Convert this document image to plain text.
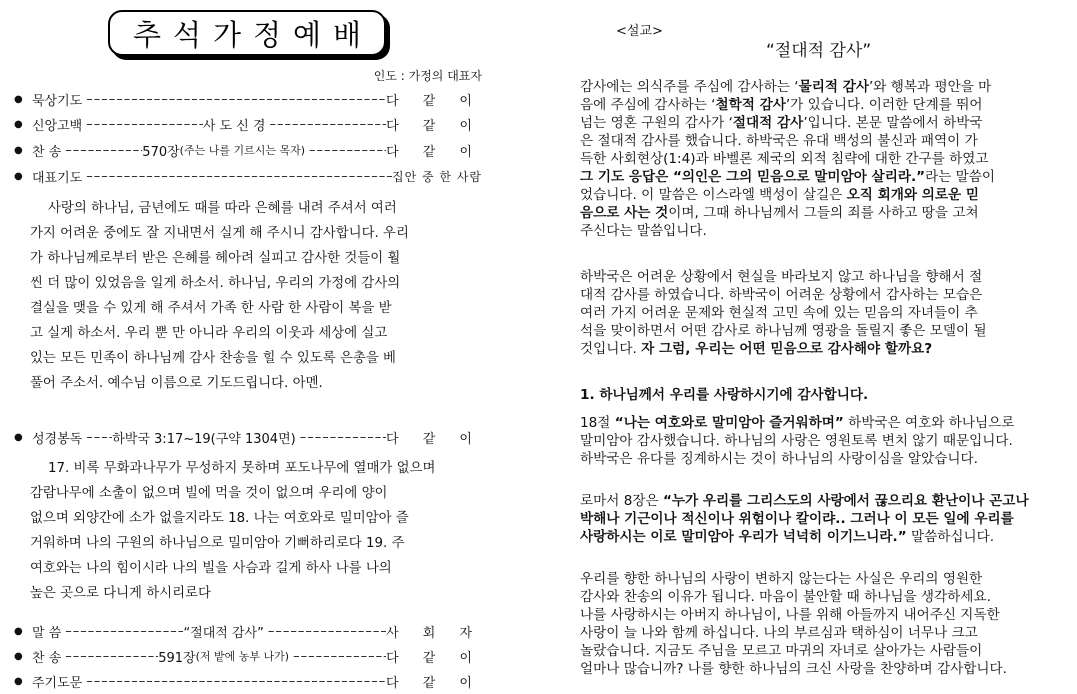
추석가정예배
인도 : 가정의 대표자
● 묵상기도 –––––	다 같 이
● 신앙고백 –––––	사 도 신 경 –––––	다 같 이
● 찬 송 –––––	570장 (주는 나를 기르시는 목자) –––––	다 같 이
● 대표기도 –––––	집안 중 한 사람
사랑의 하나님, 금년에도 때를 따라 은혜를 내려 주셔서 여러
가지 어려운 중에도 잘 지내면서 실게 해 주시니 감사합니다. 우리
가 하나님께로부터 받은 은혜를 헤아려 실피고 감사한 것들이 훨
씬 더 많이 있었음을 일게 하소서. 하나님, 우리의 가정에 감사의
결실을 맺을 수 있게 해 주셔서 가족 한 사람 한 사람이 복을 받
고 실게 하소서. 우리 뿐 만 아니라 우리의 이웃과 세상에 실고
있는 모든 민족이 하나님께 감사 찬송을 힐 수 있도록 은총을 베
풀어 주소서. 예수님 이름으로 기도드립니다. 아멘.
● 성경봉독 ––––– 하박국 3:17~19(구약 1304면) –––––	다 같 이
17. 비록 무화과나무가 무성하지 못하며 포도나무에 열매가 없으며
감람나무에 소출이 없으며 빌에 먹을 것이 없으며 우리에 양이
없으며 외양간에 소가 없을지라도 18. 나는 여호와로 밀미암아 즐
거워하며 나의 구원의 하나님으로 밀미암아 기뻐하리로다 19. 주
여호와는 나의 힘이시라 나의 빌을 사슴과 길게 하사 나를 나의
높은 곳으로 다니게 하시리로다
● 말 씀 –––––	“절대적 감사” –––––	사 회 자
● 찬 송 –––––	591장 (저 밭에 농부 나가) –––––	다 같 이
● 주기도문 –––––	다 같 이
<설교>
“절대적 감사”
감사에는 의식주를 주심에 감사하는 ‘물리적 감사’와 행복과 평안을 마
음에 주심에 감사하는 ‘철학적 감사’가 있습니다. 이러한 단계를 뛰어
넘는 영혼 구원의 감사가 ‘절대적 감사’입니다. 본문 말씀에서 하박국
은 절대적 감사를 했습니다. 하박국은 유대 백성의 불신과 패역이 가
득한 사회현상(1:4)과 바벨론 제국의 외적 침략에 대한 간구를 하였고
그 기도 응답은 “의인은 그의 믿음으로 말미암아 살리라.”라는 말씀이
었습니다. 이 말씀은 이스라엘 백성이 살길은 오직 회개와 의로운 믿
음으로 사는 것이며, 그때 하나님께서 그들의 죄를 사하고 땅을 고쳐
주신다는 말씀입니다.
하박국은 어려운 상황에서 현실을 바라보지 않고 하나님을 향해서 절
대적 감사를 하였습니다. 하박국이 어려운 상황에서 감사하는 모습은
여러 가지 어려운 문제와 현실적 고민 속에 있는 믿음의 자녀들이 추
석을 맞이하면서 어떤 감사로 하나님께 영광을 돌릴지 좋은 모델이 될
것입니다. 자 그럼, 우리는 어떤 믿음으로 감사해야 할까요?
1. 하나님께서 우리를 사랑하시기에 감사합니다.
18절 “나는 여호와로 말미암아 즐거워하며” 하박국은 여호와 하나님으로
말미암아 감사했습니다. 하나님의 사랑은 영원토록 변치 않기 때문입니다.
하박국은 유다를 징계하시는 것이 하나님의 사랑이심을 알았습니다.
로마서 8장은 “누가 우리를 그리스도의 사랑에서 끊으리요 환난이나 곤고나
박해나 기근이나 적신이나 위험이나 칼이랴.. 그러나 이 모든 일에 우리를
사랑하시는 이로 말미암아 우리가 넉넉히 이기느니라.” 말씀하십니다.
우리를 향한 하나님의 사랑이 변하지 않는다는 사실은 우리의 영원한
감사와 찬송의 이유가 됩니다. 마음이 불안할 때 하나님을 생각하세요.
나를 사랑하시는 아버지 하나님이, 나를 위해 아들까지 내어주신 지독한
사랑이 늘 나와 함께 하십니다. 나의 부르심과 택하심이 너무나 크고
놀랐습니다. 지금도 주님을 모르고 마귀의 자녀로 살아가는 사람들이
얼마나 많습니까? 나를 향한 하나님의 크신 사랑을 찬양하며 감사합니다.
